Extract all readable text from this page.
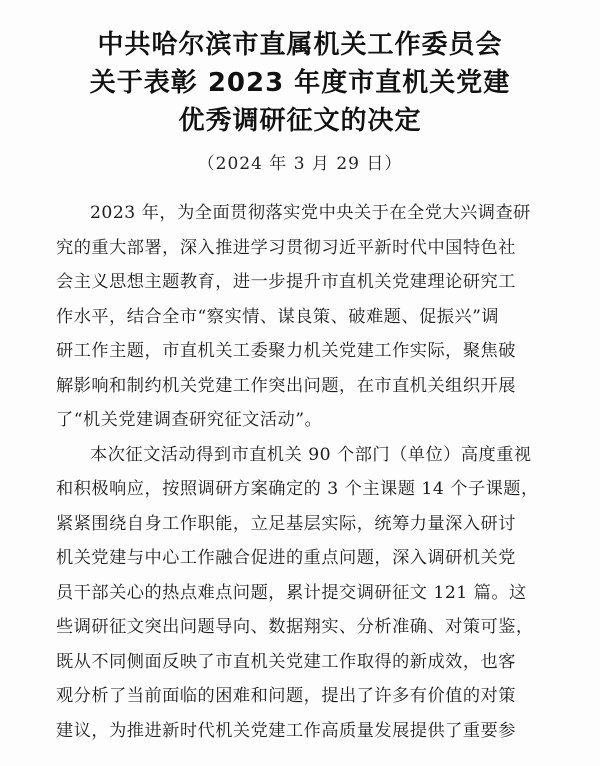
中共哈尔滨市直属机关工作委员会
关于表彰 2023 年度市直机关党建
优秀调研征文的决定
（2024 年 3 月 29 日）
2023 年，为全面贯彻落实党中央关于在全党大兴调查研
究的重大部署，深入推进学习贯彻习近平新时代中国特色社
会主义思想主题教育，进一步提升市直机关党建理论研究工
作水平，结合全市“察实情、谋良策、破难题、促振兴”调
研工作主题，市直机关工委聚力机关党建工作实际，聚焦破
解影响和制约机关党建工作突出问题，在市直机关组织开展
了“机关党建调查研究征文活动”。
本次征文活动得到市直机关 90 个部门（单位）高度重视
和积极响应，按照调研方案确定的 3 个主课题 14 个子课题，
紧紧围绕自身工作职能，立足基层实际，统筹力量深入研讨
机关党建与中心工作融合促进的重点问题，深入调研机关党
员干部关心的热点难点问题，累计提交调研征文 121 篇。这
些调研征文突出问题导向、数据翔实、分析准确、对策可鉴，
既从不同侧面反映了市直机关党建工作取得的新成效，也客
观分析了当前面临的困难和问题，提出了许多有价值的对策
建议，为推进新时代机关党建工作高质量发展提供了重要参
